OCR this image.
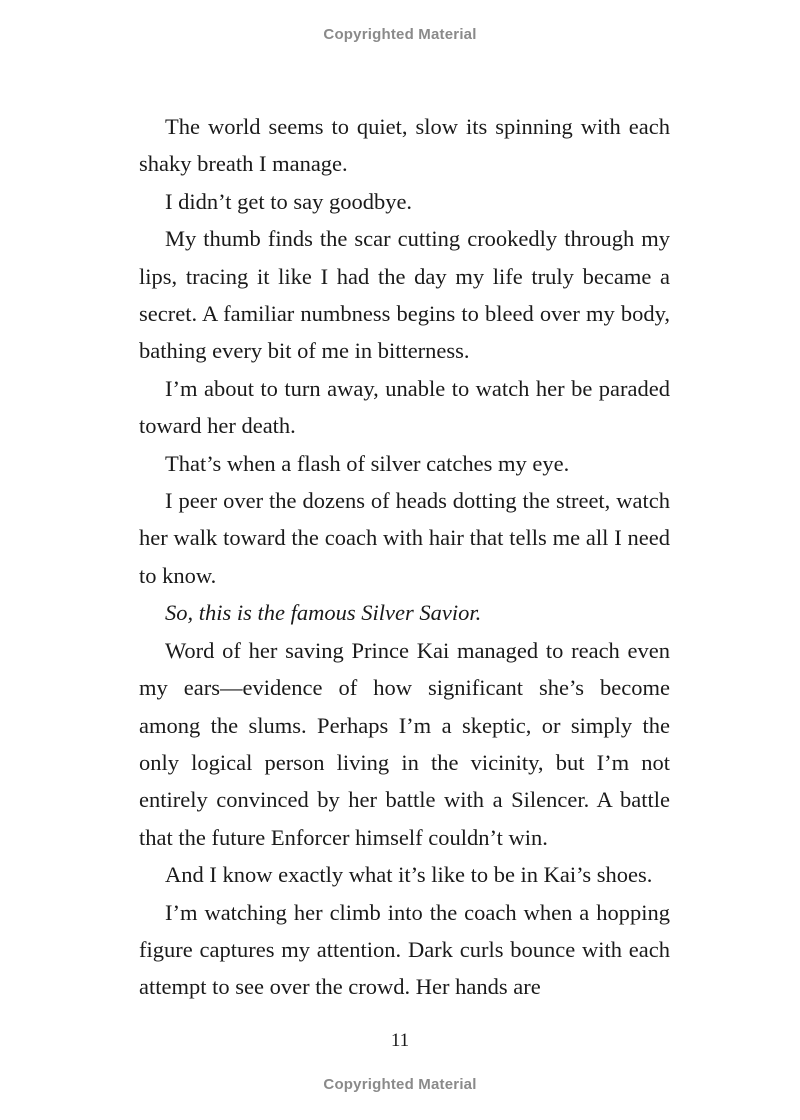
Copyrighted Material

The world seems to quiet, slow its spinning with each shaky breath I manage.

I didn’t get to say goodbye.

My thumb finds the scar cutting crookedly through my lips, tracing it like I had the day my life truly became a secret. A familiar numbness begins to bleed over my body, bathing every bit of me in bitterness.

I’m about to turn away, unable to watch her be paraded toward her death.

That’s when a flash of silver catches my eye.

I peer over the dozens of heads dotting the street, watch her walk toward the coach with hair that tells me all I need to know.

So, this is the famous Silver Savior.

Word of her saving Prince Kai managed to reach even my ears—evidence of how significant she’s become among the slums. Perhaps I’m a skeptic, or simply the only logical person living in the vicinity, but I’m not entirely convinced by her battle with a Silencer. A battle that the future Enforcer himself couldn’t win.

And I know exactly what it’s like to be in Kai’s shoes.

I’m watching her climb into the coach when a hopping figure captures my attention. Dark curls bounce with each attempt to see over the crowd. Her hands are

11
Copyrighted Material
